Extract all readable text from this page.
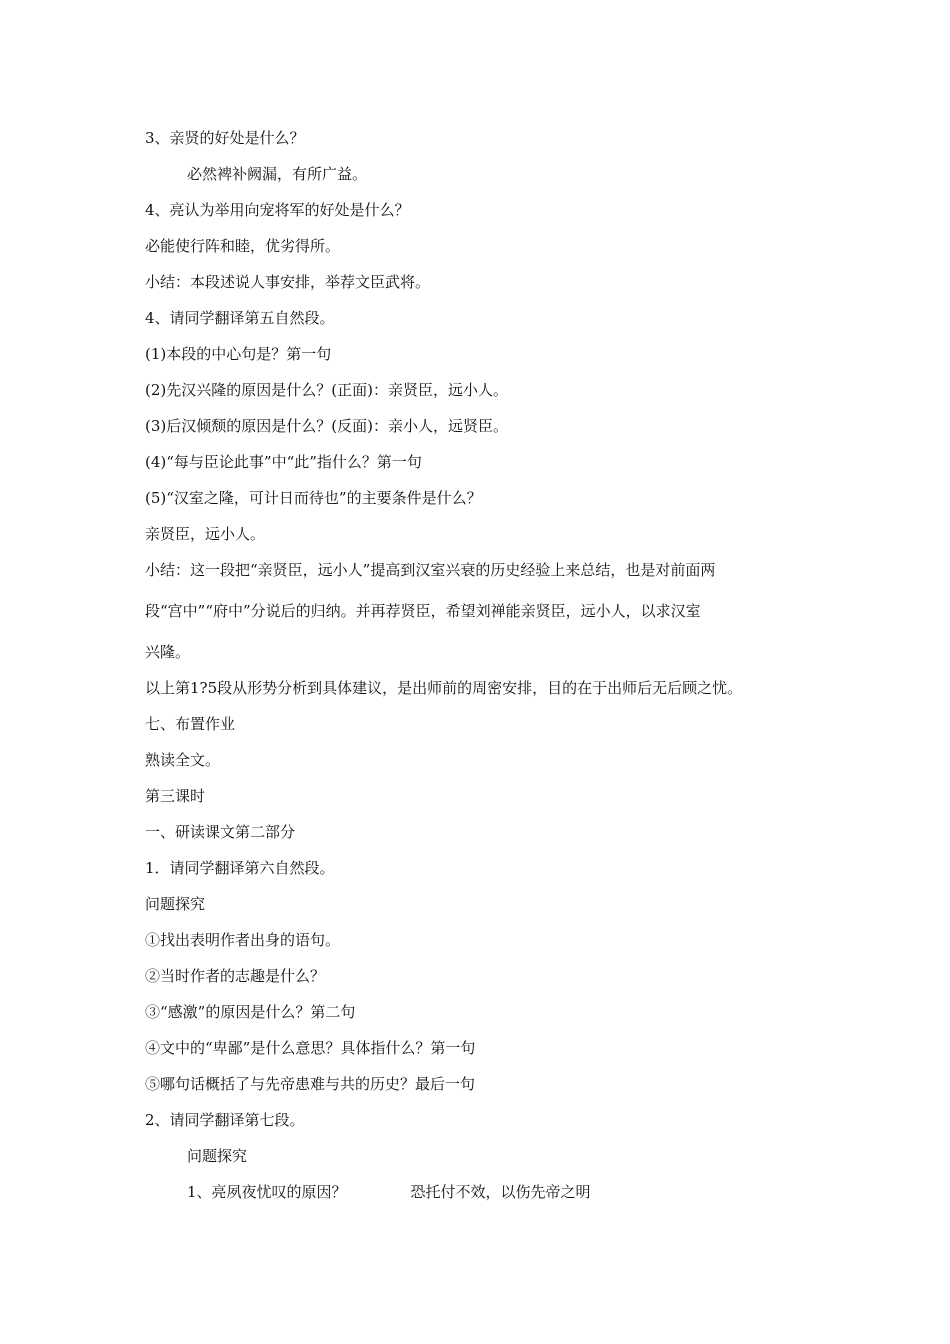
3、亲贤的好处是什么？
必然裨补阙漏，有所广益。
4、亮认为举用向宠将军的好处是什么？
必能使行阵和睦，优劣得所。
小结：本段述说人事安排，举荐文臣武将。
4、请同学翻译第五自然段。
(1)本段的中心句是？第一句
(2)先汉兴隆的原因是什么？(正面)：亲贤臣，远小人。
(3)后汉倾颓的原因是什么？(反面)：亲小人，远贤臣。
(4)“每与臣论此事”中“此”指什么？第一句
(5)“汉室之隆，可计日而待也”的主要条件是什么？
亲贤臣，远小人。
小结：这一段把“亲贤臣，远小人”提高到汉室兴衰的历史经验上来总结，也是对前面两
段“宫中”“府中”分说后的归纳。并再荐贤臣，希望刘禅能亲贤臣，远小人，以求汉室
兴隆。
以上第1?5段从形势分析到具体建议，是出师前的周密安排，目的在于出师后无后顾之忧。
七、布置作业
熟读全文。
第三课时
一、研读课文第二部分
1．请同学翻译第六自然段。
问题探究
①找出表明作者出身的语句。
②当时作者的志趣是什么？
③“感激”的原因是什么？第二句
④文中的“卑鄙”是什么意思？具体指什么？第一句
⑤哪句话概括了与先帝患难与共的历史？最后一句
2、请同学翻译第七段。
问题探究
1、亮夙夜忧叹的原因？	恐托付不效，以伤先帝之明
